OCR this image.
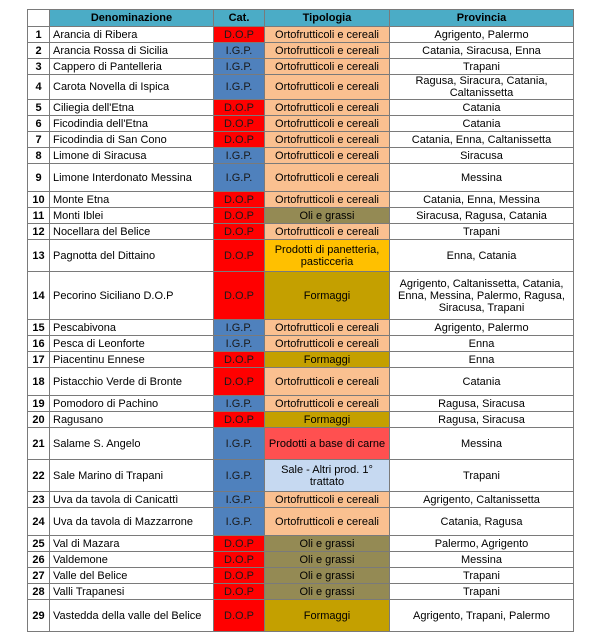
	Denominazione	Cat.	Tipologia	Provincia
1	Arancia di Ribera	D.O.P	Ortofrutticoli e cereali	Agrigento, Palermo
2	Arancia Rossa di Sicilia	I.G.P.	Ortofrutticoli e cereali	Catania, Siracusa, Enna
3	Cappero di Pantelleria	I.G.P.	Ortofrutticoli e cereali	Trapani
4	Carota Novella di Ispica	I.G.P.	Ortofrutticoli e cereali	Ragusa, Siracura, Catania, Caltanissetta
5	Ciliegia dell'Etna	D.O.P	Ortofrutticoli e cereali	Catania
6	Ficodindia dell'Etna	D.O.P	Ortofrutticoli e cereali	Catania
7	Ficodindia di San Cono	D.O.P	Ortofrutticoli e cereali	Catania, Enna, Caltanissetta
8	Limone di Siracusa	I.G.P.	Ortofrutticoli e cereali	Siracusa
9	Limone Interdonato Messina	I.G.P.	Ortofrutticoli e cereali	Messina
10	Monte Etna	D.O.P	Ortofrutticoli e cereali	Catania, Enna, Messina
11	Monti Iblei	D.O.P	Oli e grassi	Siracusa, Ragusa, Catania
12	Nocellara del Belice	D.O.P	Ortofrutticoli e cereali	Trapani
13	Pagnotta del Dittaino	D.O.P	Prodotti di panetteria, pasticceria	Enna, Catania
14	Pecorino Siciliano D.O.P	D.O.P	Formaggi	Agrigento, Caltanissetta, Catania, Enna, Messina, Palermo, Ragusa, Siracusa, Trapani
15	Pescabivona	I.G.P.	Ortofrutticoli e cereali	Agrigento, Palermo
16	Pesca di Leonforte	I.G.P.	Ortofrutticoli e cereali	Enna
17	Piacentinu Ennese	D.O.P	Formaggi	Enna
18	Pistacchio Verde di Bronte	D.O.P	Ortofrutticoli e cereali	Catania
19	Pomodoro di Pachino	I.G.P.	Ortofrutticoli e cereali	Ragusa, Siracusa
20	Ragusano	D.O.P	Formaggi	Ragusa, Siracusa
21	Salame S. Angelo	I.G.P.	Prodotti a base di carne	Messina
22	Sale Marino di Trapani	I.G.P.	Sale - Altri prod. 1° trattato	Trapani
23	Uva da tavola di Canicattì	I.G.P.	Ortofrutticoli e cereali	Agrigento, Caltanissetta
24	Uva da tavola di Mazzarrone	I.G.P.	Ortofrutticoli e cereali	Catania, Ragusa
25	Val di Mazara	D.O.P	Oli e grassi	Palermo, Agrigento
26	Valdemone	D.O.P	Oli e grassi	Messina
27	Valle del Belice	D.O.P	Oli e grassi	Trapani
28	Valli Trapanesi	D.O.P	Oli e grassi	Trapani
29	Vastedda della valle del Belice	D.O.P	Formaggi	Agrigento, Trapani, Palermo
